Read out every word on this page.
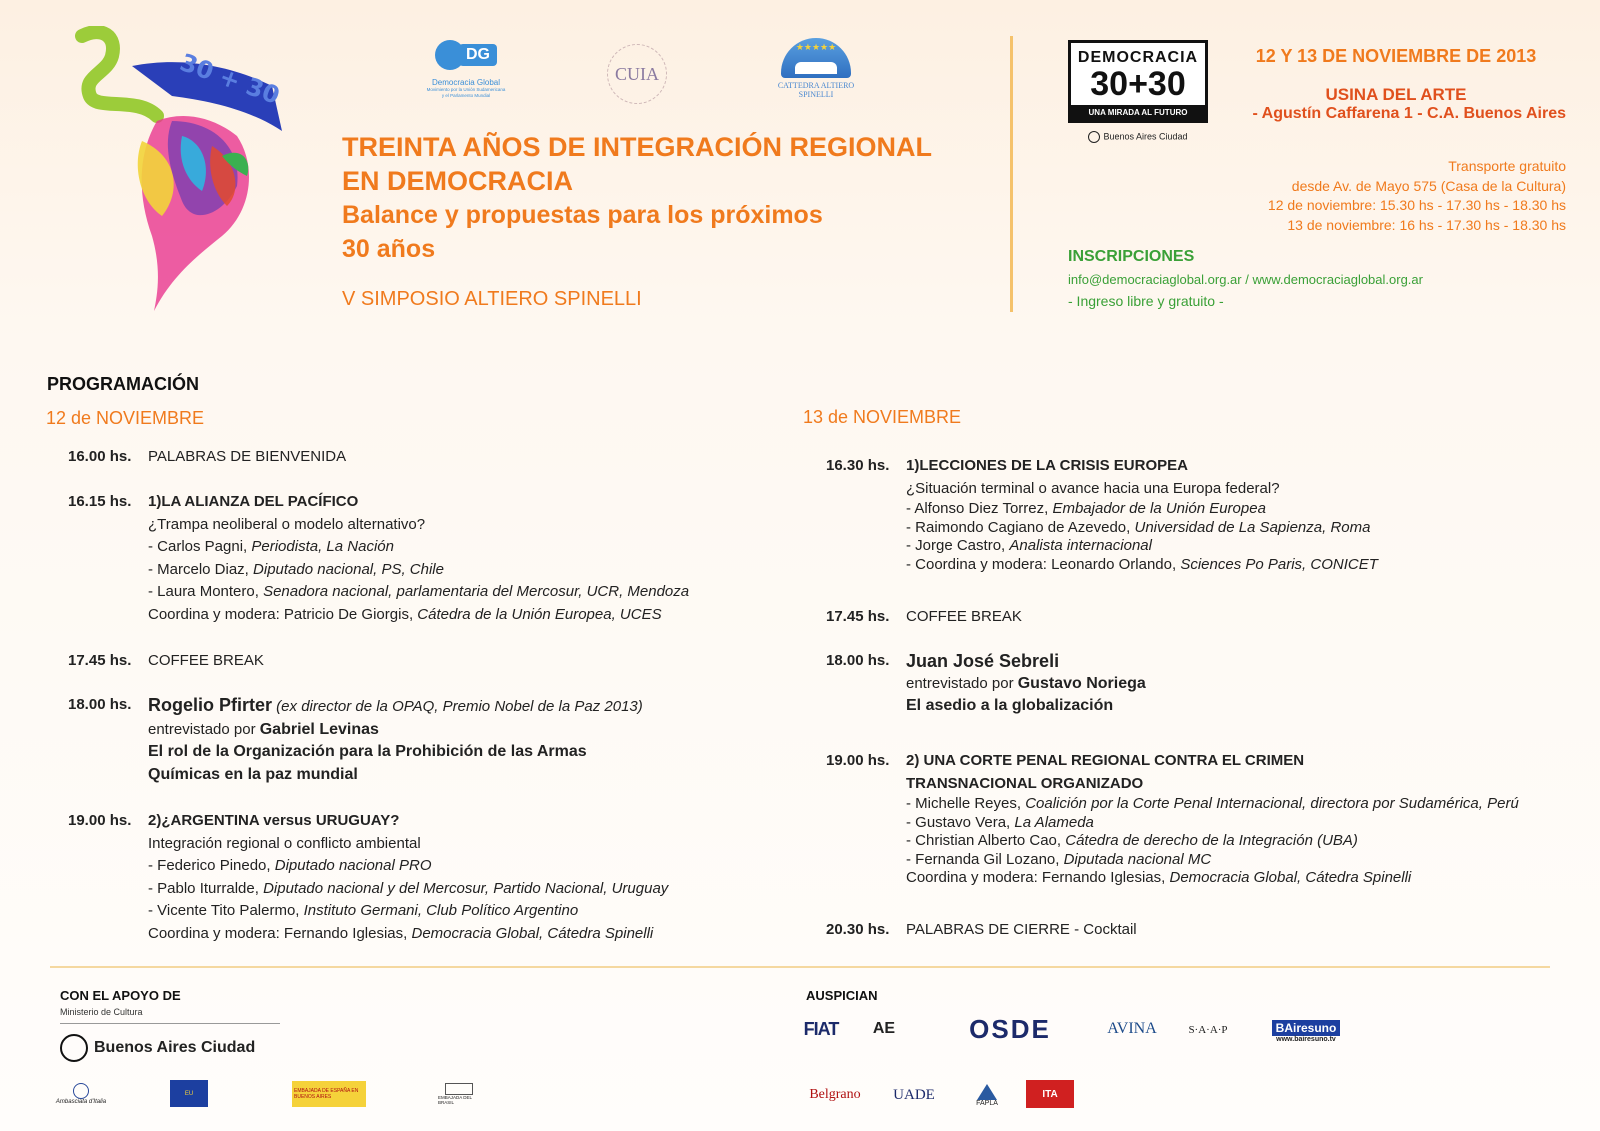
30 + 30	DG
Democracia Global
Movimiento por la Unión Sudamericana y el Parlamento Mundial
CUIA
★★★★★
CATTEDRA ALTIERO SPINELLI
TREINTA AÑOS DE INTEGRACIÓN REGIONAL
EN DEMOCRACIA
Balance y propuestas para los próximos
30 años
V SIMPOSIO ALTIERO SPINELLI
DEMOCRACIA
30+30
UNA MIRADA AL FUTURO
Buenos Aires Ciudad
12 Y 13 DE NOVIEMBRE DE 2013
USINA DEL ARTE
- Agustín Caffarena 1 - C.A. Buenos Aires
Transporte gratuito
desde Av. de Mayo 575 (Casa de la Cultura)
12 de noviembre: 15.30 hs - 17.30 hs - 18.30 hs
13 de noviembre: 16 hs - 17.30 hs - 18.30 hs
INSCRIPCIONES
info@democraciaglobal.org.ar / www.democraciaglobal.org.ar
- Ingreso libre y gratuito -
PROGRAMACIÓN
12 de NOVIEMBRE	13 de NOVIEMBRE
16.00 hs.	PALABRAS DE BIENVENIDA
16.15 hs.	1)LA ALIANZA DEL PACÍFICO
¿Trampa neoliberal o modelo alternativo?
- Carlos Pagni, Periodista, La Nación
- Marcelo Diaz, Diputado nacional, PS, Chile
- Laura Montero, Senadora nacional, parlamentaria del Mercosur, UCR, Mendoza
Coordina y modera: Patricio De Giorgis, Cátedra de la Unión Europea, UCES
17.45 hs.	COFFEE BREAK
18.00 hs. Rogelio Pfirter (ex director de la OPAQ, Premio Nobel de la Paz 2013)
entrevistado por Gabriel Levinas
El rol de la Organización para la Prohibición de las Armas
Químicas en la paz mundial
19.00 hs.	2)¿ARGENTINA versus URUGUAY?
Integración regional o conflicto ambiental
- Federico Pinedo, Diputado nacional PRO
- Pablo Iturralde, Diputado nacional y del Mercosur, Partido Nacional, Uruguay
- Vicente Tito Palermo, Instituto Germani, Club Político Argentino
Coordina y modera: Fernando Iglesias, Democracia Global, Cátedra Spinelli
16.30 hs.	1)LECCIONES DE LA CRISIS EUROPEA
¿Situación terminal o avance hacia una Europa federal?
- Alfonso Diez Torrez, Embajador de la Unión Europea
- Raimondo Cagiano de Azevedo, Universidad de La Sapienza, Roma
- Jorge Castro, Analista internacional
- Coordina y modera: Leonardo Orlando, Sciences Po Paris, CONICET
17.45 hs.	COFFEE BREAK
18.00 hs. Juan José Sebreli
entrevistado por Gustavo Noriega
El asedio a la globalización
19.00 hs.	2) UNA CORTE PENAL REGIONAL CONTRA EL CRIMEN
TRANSNACIONAL ORGANIZADO
- Michelle Reyes, Coalición por la Corte Penal Internacional, directora por Sudamérica, Perú
- Gustavo Vera, La Alameda
- Christian Alberto Cao, Cátedra de derecho de la Integración (UBA)
- Fernanda Gil Lozano, Diputada nacional MC
Coordina y modera: Fernando Iglesias, Democracia Global, Cátedra Spinelli
20.30 hs.	PALABRAS DE CIERRE - Cocktail
CON EL APOYO DE
Ministerio de Cultura
Buenos Aires Ciudad
Ambasciata d'Italia
EU	EMBAJADA DE ESPAÑA EN BUENOS AIRES	EMBAJADA DEL BRASIL
AUSPICIAN
FIAT AE	OSDE	AVINA	S·A·A·P	BAiresuno
www.bairesuno.tv
Belgrano UADE
FAPLA
ITA
